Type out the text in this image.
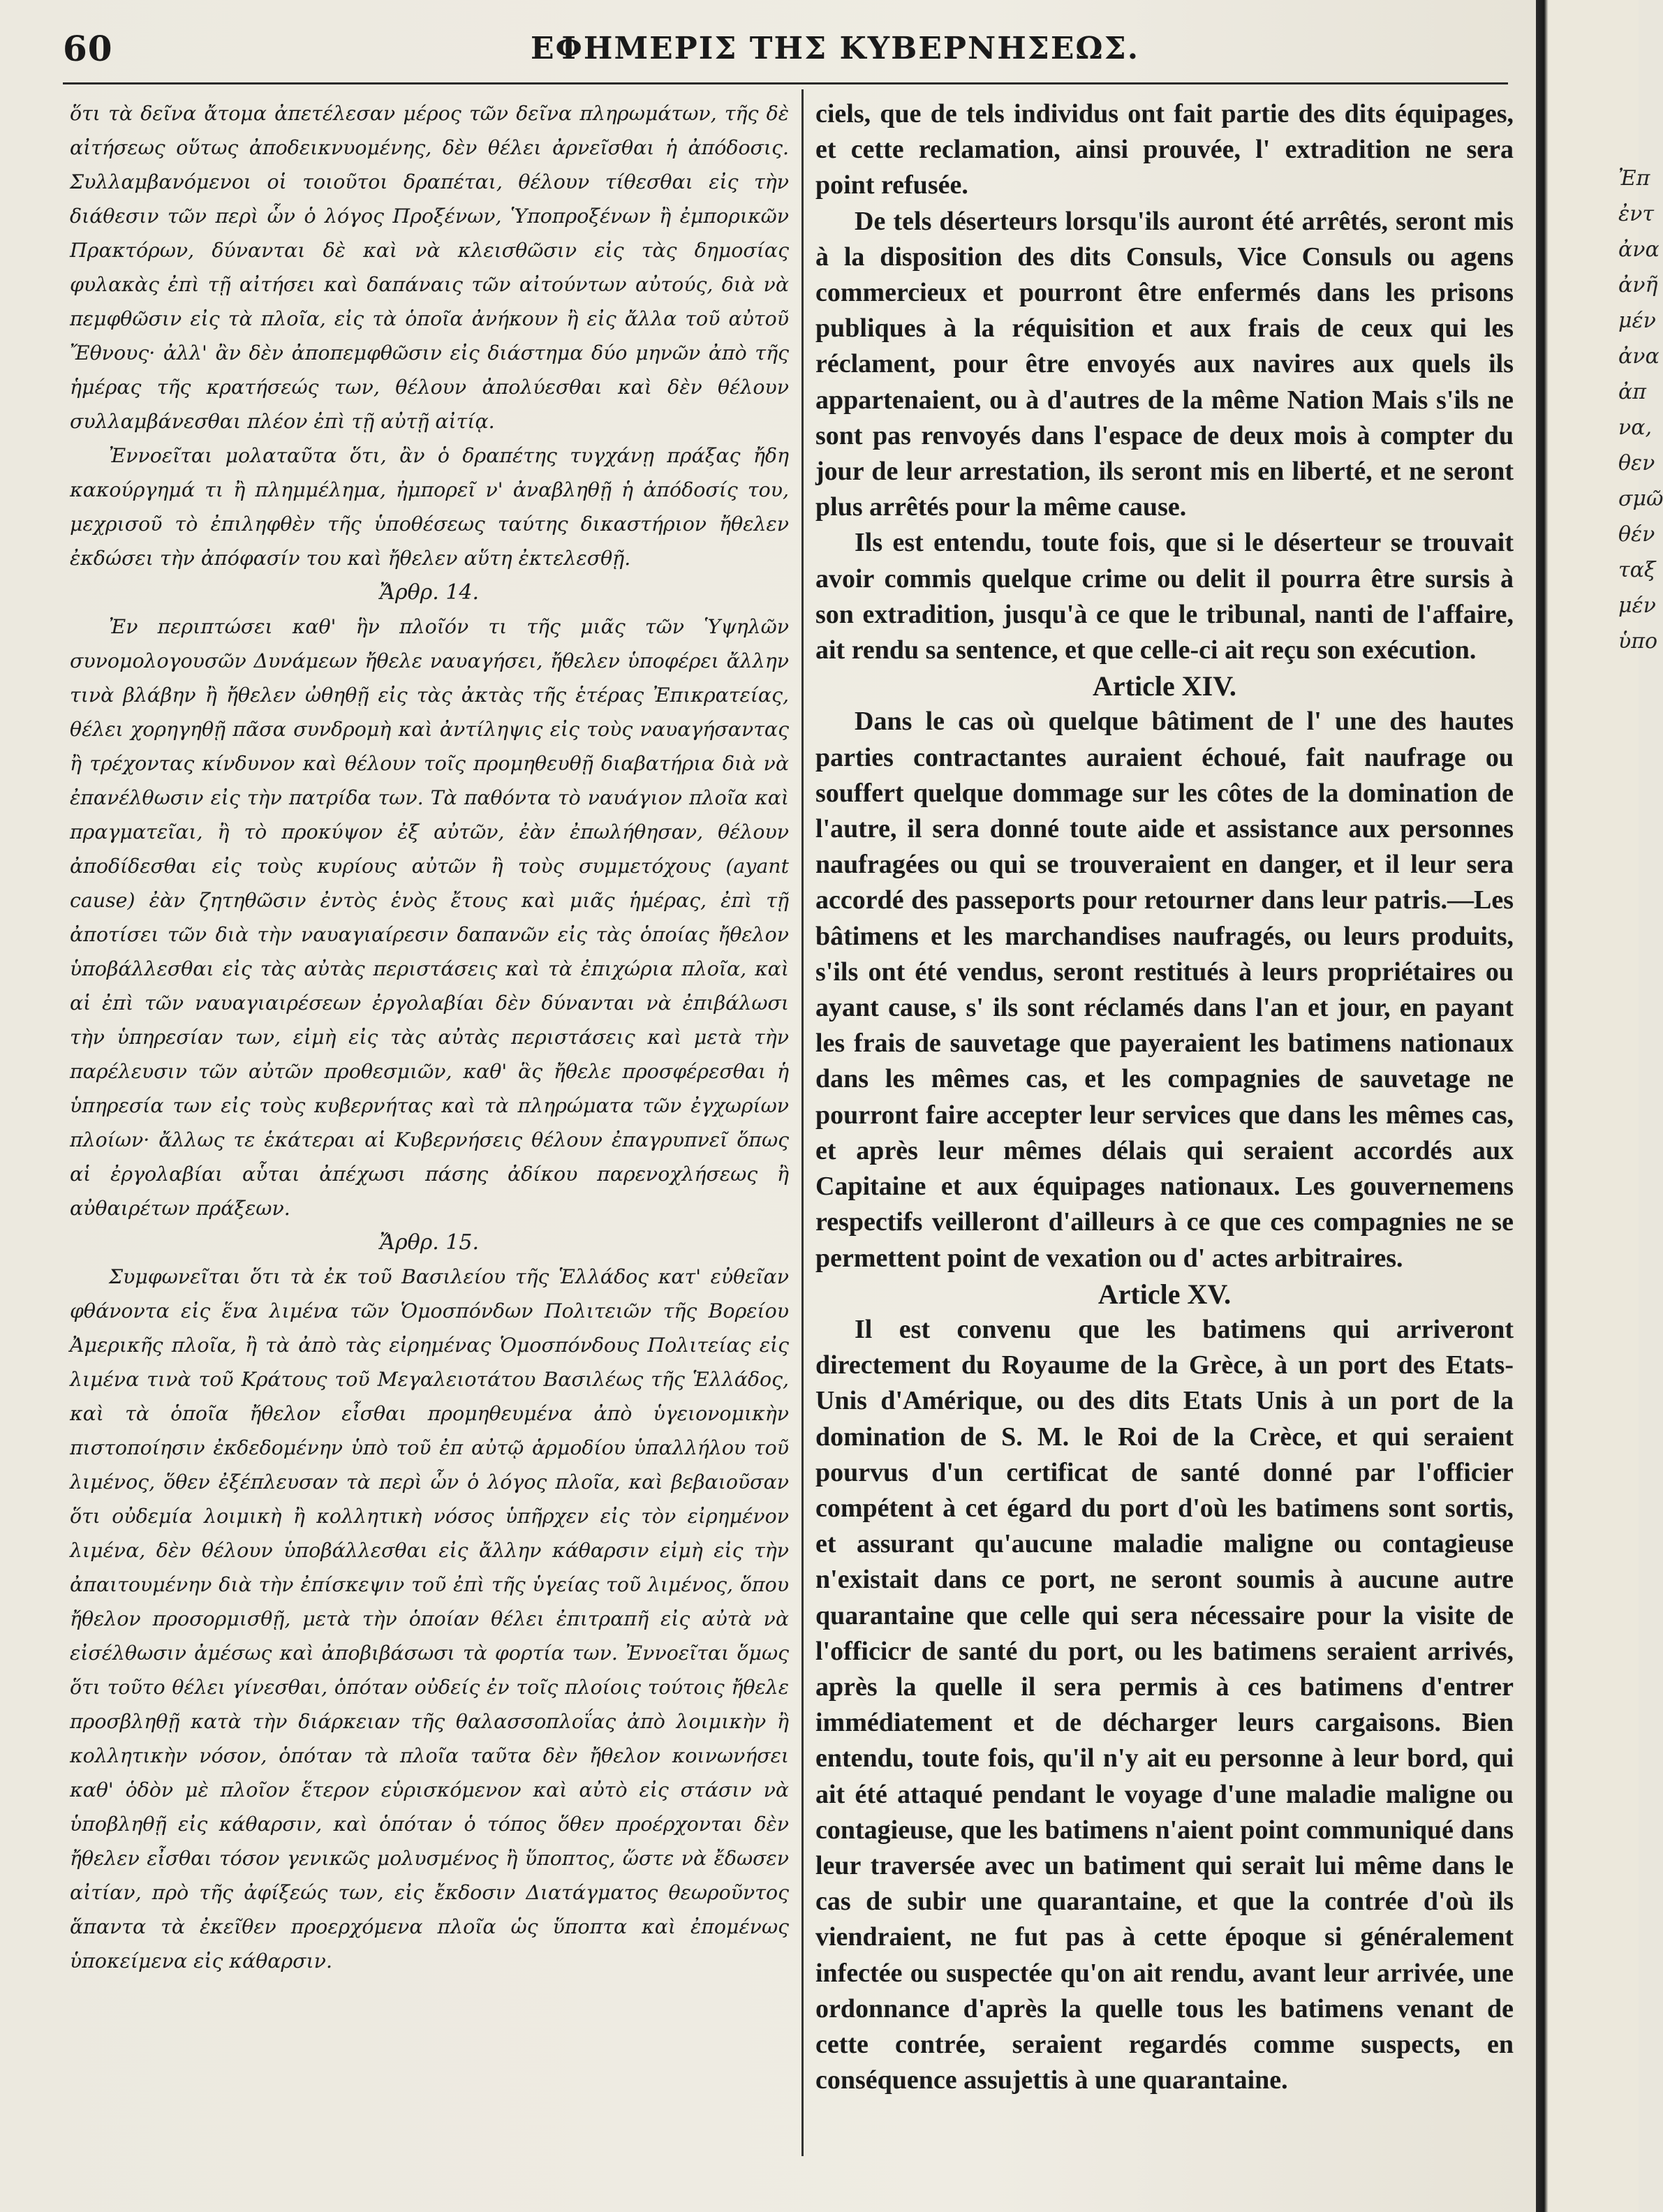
60	ΕΦΗΜΕΡΙΣ ΤΗΣ ΚΥΒΕΡΝΗΣΕΩΣ.

ὅτι τὰ δεῖνα ἄτομα ἀπετέλεσαν μέρος τῶν δεῖνα πληρωμάτων, τῆς δὲ αἰτήσεως οὕτως ἀποδεικνυομένης, δὲν θέλει ἀρνεῖσθαι ἡ ἀπόδοσις. Συλλαμβανόμενοι οἱ τοιοῦτοι δραπέται, θέλουν τίθεσθαι εἰς τὴν διάθεσιν τῶν περὶ ὧν ὁ λόγος Προξένων, Ὑποπροξένων ἢ ἐμπορικῶν Πρακτόρων, δύνανται δὲ καὶ νὰ κλεισθῶσιν εἰς τὰς δημοσίας φυλακὰς ἐπὶ τῇ αἰτήσει καὶ δαπάναις τῶν αἰτούντων αὐτούς, διὰ νὰ πεμφθῶσιν εἰς τὰ πλοῖα, εἰς τὰ ὁποῖα ἀνήκουν ἢ εἰς ἄλλα τοῦ αὐτοῦ Ἔθνους· ἀλλ' ἂν δὲν ἀποπεμφθῶσιν εἰς διάστημα δύο μηνῶν ἀπὸ τῆς ἡμέρας τῆς κρατήσεώς των, θέλουν ἀπολύεσθαι καὶ δὲν θέλουν συλλαμβάνεσθαι πλέον ἐπὶ τῇ αὐτῇ αἰτίᾳ.

Ἐννοεῖται μολαταῦτα ὅτι, ἂν ὁ δραπέτης τυγχάνῃ πράξας ἤδη κακούργημά τι ἢ πλημμέλημα, ἠμπορεῖ ν' ἀναβληθῇ ἡ ἀπόδοσίς του, μεχρισοῦ τὸ ἐπιληφθὲν τῆς ὑποθέσεως ταύτης δικαστήριον ἤθελεν ἐκδώσει τὴν ἀπόφασίν του καὶ ἤθελεν αὕτη ἐκτελεσθῇ.

Ἄρθρ. 14.

Ἐν περιπτώσει καθ' ἣν πλοῖόν τι τῆς μιᾶς τῶν Ὑψηλῶν συνομολογουσῶν Δυνάμεων ἤθελε ναυαγήσει, ἤθελεν ὑποφέρει ἄλλην τινὰ βλάβην ἢ ἤθελεν ὠθηθῇ εἰς τὰς ἀκτὰς τῆς ἑτέρας Ἐπικρατείας, θέλει χορηγηθῇ πᾶσα συνδρομὴ καὶ ἀντίληψις εἰς τοὺς ναυαγήσαντας ἢ τρέχοντας κίνδυνον καὶ θέλουν τοῖς προμηθευθῇ διαβατήρια διὰ νὰ ἐπανέλθωσιν εἰς τὴν πατρίδα των. Τὰ παθόντα τὸ ναυάγιον πλοῖα καὶ πραγματεῖαι, ἢ τὸ προκύψον ἐξ αὐτῶν, ἐὰν ἐπωλήθησαν, θέλουν ἀποδίδεσθαι εἰς τοὺς κυρίους αὐτῶν ἢ τοὺς συμμετόχους (ayant cause) ἐὰν ζητηθῶσιν ἐντὸς ἑνὸς ἔτους καὶ μιᾶς ἡμέρας, ἐπὶ τῇ ἀποτίσει τῶν διὰ τὴν ναυαγιαίρεσιν δαπανῶν εἰς τὰς ὁποίας ἤθελον ὑποβάλλεσθαι εἰς τὰς αὐτὰς περιστάσεις καὶ τὰ ἐπιχώρια πλοῖα, καὶ αἱ ἐπὶ τῶν ναυαγιαιρέσεων ἐργολαβίαι δὲν δύνανται νὰ ἐπιβάλωσι τὴν ὑπηρεσίαν των, εἰμὴ εἰς τὰς αὐτὰς περιστάσεις καὶ μετὰ τὴν παρέλευσιν τῶν αὐτῶν προθεσμιῶν, καθ' ἃς ἤθελε προσφέρεσθαι ἡ ὑπηρεσία των εἰς τοὺς κυβερνήτας καὶ τὰ πληρώματα τῶν ἐγχωρίων πλοίων· ἄλλως τε ἑκάτεραι αἱ Κυβερνήσεις θέλουν ἐπαγρυπνεῖ ὅπως αἱ ἐργολαβίαι αὗται ἀπέχωσι πάσης ἀδίκου παρενοχλήσεως ἢ αὐθαιρέτων πράξεων.

Ἄρθρ. 15.

Συμφωνεῖται ὅτι τὰ ἐκ τοῦ Βασιλείου τῆς Ἑλλάδος κατ' εὐθεῖαν φθάνοντα εἰς ἕνα λιμένα τῶν Ὁμοσπόνδων Πολιτειῶν τῆς Βορείου Ἀμερικῆς πλοῖα, ἢ τὰ ἀπὸ τὰς εἰρημένας Ὁμοσπόνδους Πολιτείας εἰς λιμένα τινὰ τοῦ Κράτους τοῦ Μεγαλειοτάτου Βασιλέως τῆς Ἑλλάδος, καὶ τὰ ὁποῖα ἤθελον εἶσθαι προμηθευμένα ἀπὸ ὑγειονομικὴν πιστοποίησιν ἐκδεδομένην ὑπὸ τοῦ ἐπ αὐτῷ ἁρμοδίου ὑπαλλήλου τοῦ λιμένος, ὅθεν ἐξέπλευσαν τὰ περὶ ὧν ὁ λόγος πλοῖα, καὶ βεβαιοῦσαν ὅτι οὐδεμία λοιμικὴ ἢ κολλητικὴ νόσος ὑπῆρχεν εἰς τὸν εἰρημένον λιμένα, δὲν θέλουν ὑποβάλλεσθαι εἰς ἄλλην κάθαρσιν εἰμὴ εἰς τὴν ἀπαιτουμένην διὰ τὴν ἐπίσκεψιν τοῦ ἐπὶ τῆς ὑγείας τοῦ λιμένος, ὅπου ἤθελον προσορμισθῇ, μετὰ τὴν ὁποίαν θέλει ἐπιτραπῆ εἰς αὐτὰ νὰ εἰσέλθωσιν ἀμέσως καὶ ἀποβιβάσωσι τὰ φορτία των. Ἐννοεῖται ὅμως ὅτι τοῦτο θέλει γίνεσθαι, ὁπόταν οὐδείς ἐν τοῖς πλοίοις τούτοις ἤθελε προσβληθῇ κατὰ τὴν διάρκειαν τῆς θαλασσοπλοΐας ἀπὸ λοιμικὴν ἢ κολλητικὴν νόσον, ὁπόταν τὰ πλοῖα ταῦτα δὲν ἤθελον κοινωνήσει καθ' ὁδὸν μὲ πλοῖον ἕτερον εὑρισκόμενον καὶ αὐτὸ εἰς στάσιν νὰ ὑποβληθῇ εἰς κάθαρσιν, καὶ ὁπόταν ὁ τόπος ὅθεν προέρχονται δὲν ἤθελεν εἶσθαι τόσον γενικῶς μολυσμένος ἢ ὕποπτος, ὥστε νὰ ἔδωσεν αἰτίαν, πρὸ τῆς ἀφίξεώς των, εἰς ἔκδοσιν Διατάγματος θεωροῦντος ἅπαντα τὰ ἐκεῖθεν προερχόμενα πλοῖα ὡς ὕποπτα καὶ ἐπομένως ὑποκείμενα εἰς κάθαρσιν.

ciels, que de tels individus ont fait partie des dits équipages, et cette reclamation, ainsi prouvée, l' extradition ne sera point refusée.

De tels déserteurs lorsqu'ils auront été arrêtés, seront mis à la disposition des dits Consuls, Vice Consuls ou agens commercieux et pourront être enfermés dans les prisons publiques à la réquisition et aux frais de ceux qui les réclament, pour être envoyés aux navires aux quels ils appartenaient, ou à d'autres de la même Nation Mais s'ils ne sont pas renvoyés dans l'espace de deux mois à compter du jour de leur arrestation, ils seront mis en liberté, et ne seront plus arrêtés pour la même cause.

Ils est entendu, toute fois, que si le déserteur se trouvait avoir commis quelque crime ou delit il pourra être sursis à son extradition, jusqu'à ce que le tribunal, nanti de l'affaire, ait rendu sa sentence, et que celle-ci ait reçu son exécution.

Article XIV.

Dans le cas où quelque bâtiment de l' une des hautes parties contractantes auraient échoué, fait naufrage ou souffert quelque dommage sur les côtes de la domination de l'autre, il sera donné toute aide et assistance aux personnes naufragées ou qui se trouveraient en danger, et il leur sera accordé des passeports pour retourner dans leur patris.—Les bâtimens et les marchandises naufragés, ou leurs produits, s'ils ont été vendus, seront restitués à leurs propriétaires ou ayant cause, s' ils sont réclamés dans l'an et jour, en payant les frais de sauvetage que payeraient les batimens nationaux dans les mêmes cas, et les compagnies de sauvetage ne pourront faire accepter leur services que dans les mêmes cas, et après leur mêmes délais qui seraient accordés aux Capitaine et aux équipages nationaux. Les gouvernemens respectifs veilleront d'ailleurs à ce que ces compagnies ne se permettent point de vexation ou d' actes arbitraires.

Article XV.

Il est convenu que les batimens qui arriveront directement du Royaume de la Grèce, à un port des Etats-Unis d'Amérique, ou des dits Etats Unis à un port de la domination de S. M. le Roi de la Crèce, et qui seraient pourvus d'un certificat de santé donné par l'officier compétent à cet égard du port d'où les batimens sont sortis, et assurant qu'aucune maladie maligne ou contagieuse n'existait dans ce port, ne seront soumis à aucune autre quarantaine que celle qui sera nécessaire pour la visite de l'officicr de santé du port, ou les batimens seraient arrivés, après la quelle il sera permis à ces batimens d'entrer immédiatement et de décharger leurs cargaisons. Bien entendu, toute fois, qu'il n'y ait eu personne à leur bord, qui ait été attaqué pendant le voyage d'une maladie maligne ou contagieuse, que les batimens n'aient point communiqué dans leur traversée avec un batiment qui serait lui même dans le cas de subir une quarantaine, et que la contrée d'où ils viendraient, ne fut pas à cette époque si généralement infectée ou suspectée qu'on ait rendu, avant leur arrivée, une ordonnance d'après la quelle tous les batimens venant de cette contrée, seraient regardés comme suspects, en conséquence assujettis à une quarantaine.

Ἐπ
ἐντ
ἀνα
ἀνῆ
μέν
ἀνα
ἀπ
να,
θεν
σμῶ
θέν
ταξ
μέν
ὑπο
